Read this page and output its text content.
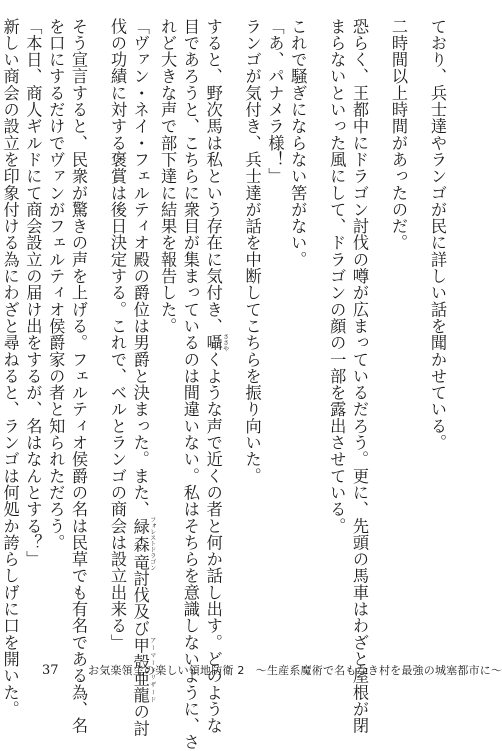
ており、兵士達やランゴが民に詳しい話を聞かせている。
二時間以上時間があったのだ。
恐らく、王都中にドラゴン討伐の噂が広まっているだろう。更に、先頭の馬車はわざと屋根が閉
まらないといった風にして、ドラゴンの顔の一部を露出させている。
これで騒ぎにならない筈がない。
「あ、パナメラ様！」
ランゴが気付き、兵士達が話を中断してこちらを振り向いた。
すると、野次馬は私という存在に気付き、囁 ささやくような声で近くの者と何か話し出す。どのような
目であろうと、こちらに衆目が集まっているのは間違いない。私はそちらを意識しないように、さ
れど大きな声で部下達に結果を報告した。
「ヴァン・ネイ・フェルティオ殿の爵位は男爵と決まった。また、緑森竜 フォレストドラゴン討伐及び甲殻亜龍 アーマードリザードの討
伐の功績に対する褒賞は後日決定する。これで、ベルとランゴの商会は設立出来る」
そう宣言すると、民衆が驚きの声を上げる。フェルティオ侯爵の名は民草でも有名である為、名
を口にするだけでヴァンがフェルティオ侯爵家の者と知られただろう。
「本日、商人ギルドにて商会設立の届け出をするが、名はなんとする？」
新しい商会の設立を印象付ける為にわざと尋ねると、ランゴは何処か誇らしげに口を開いた。 37	お気楽領主の楽しい領地防衛 2　～生産系魔術で名もなき村を最強の城塞都市に～
